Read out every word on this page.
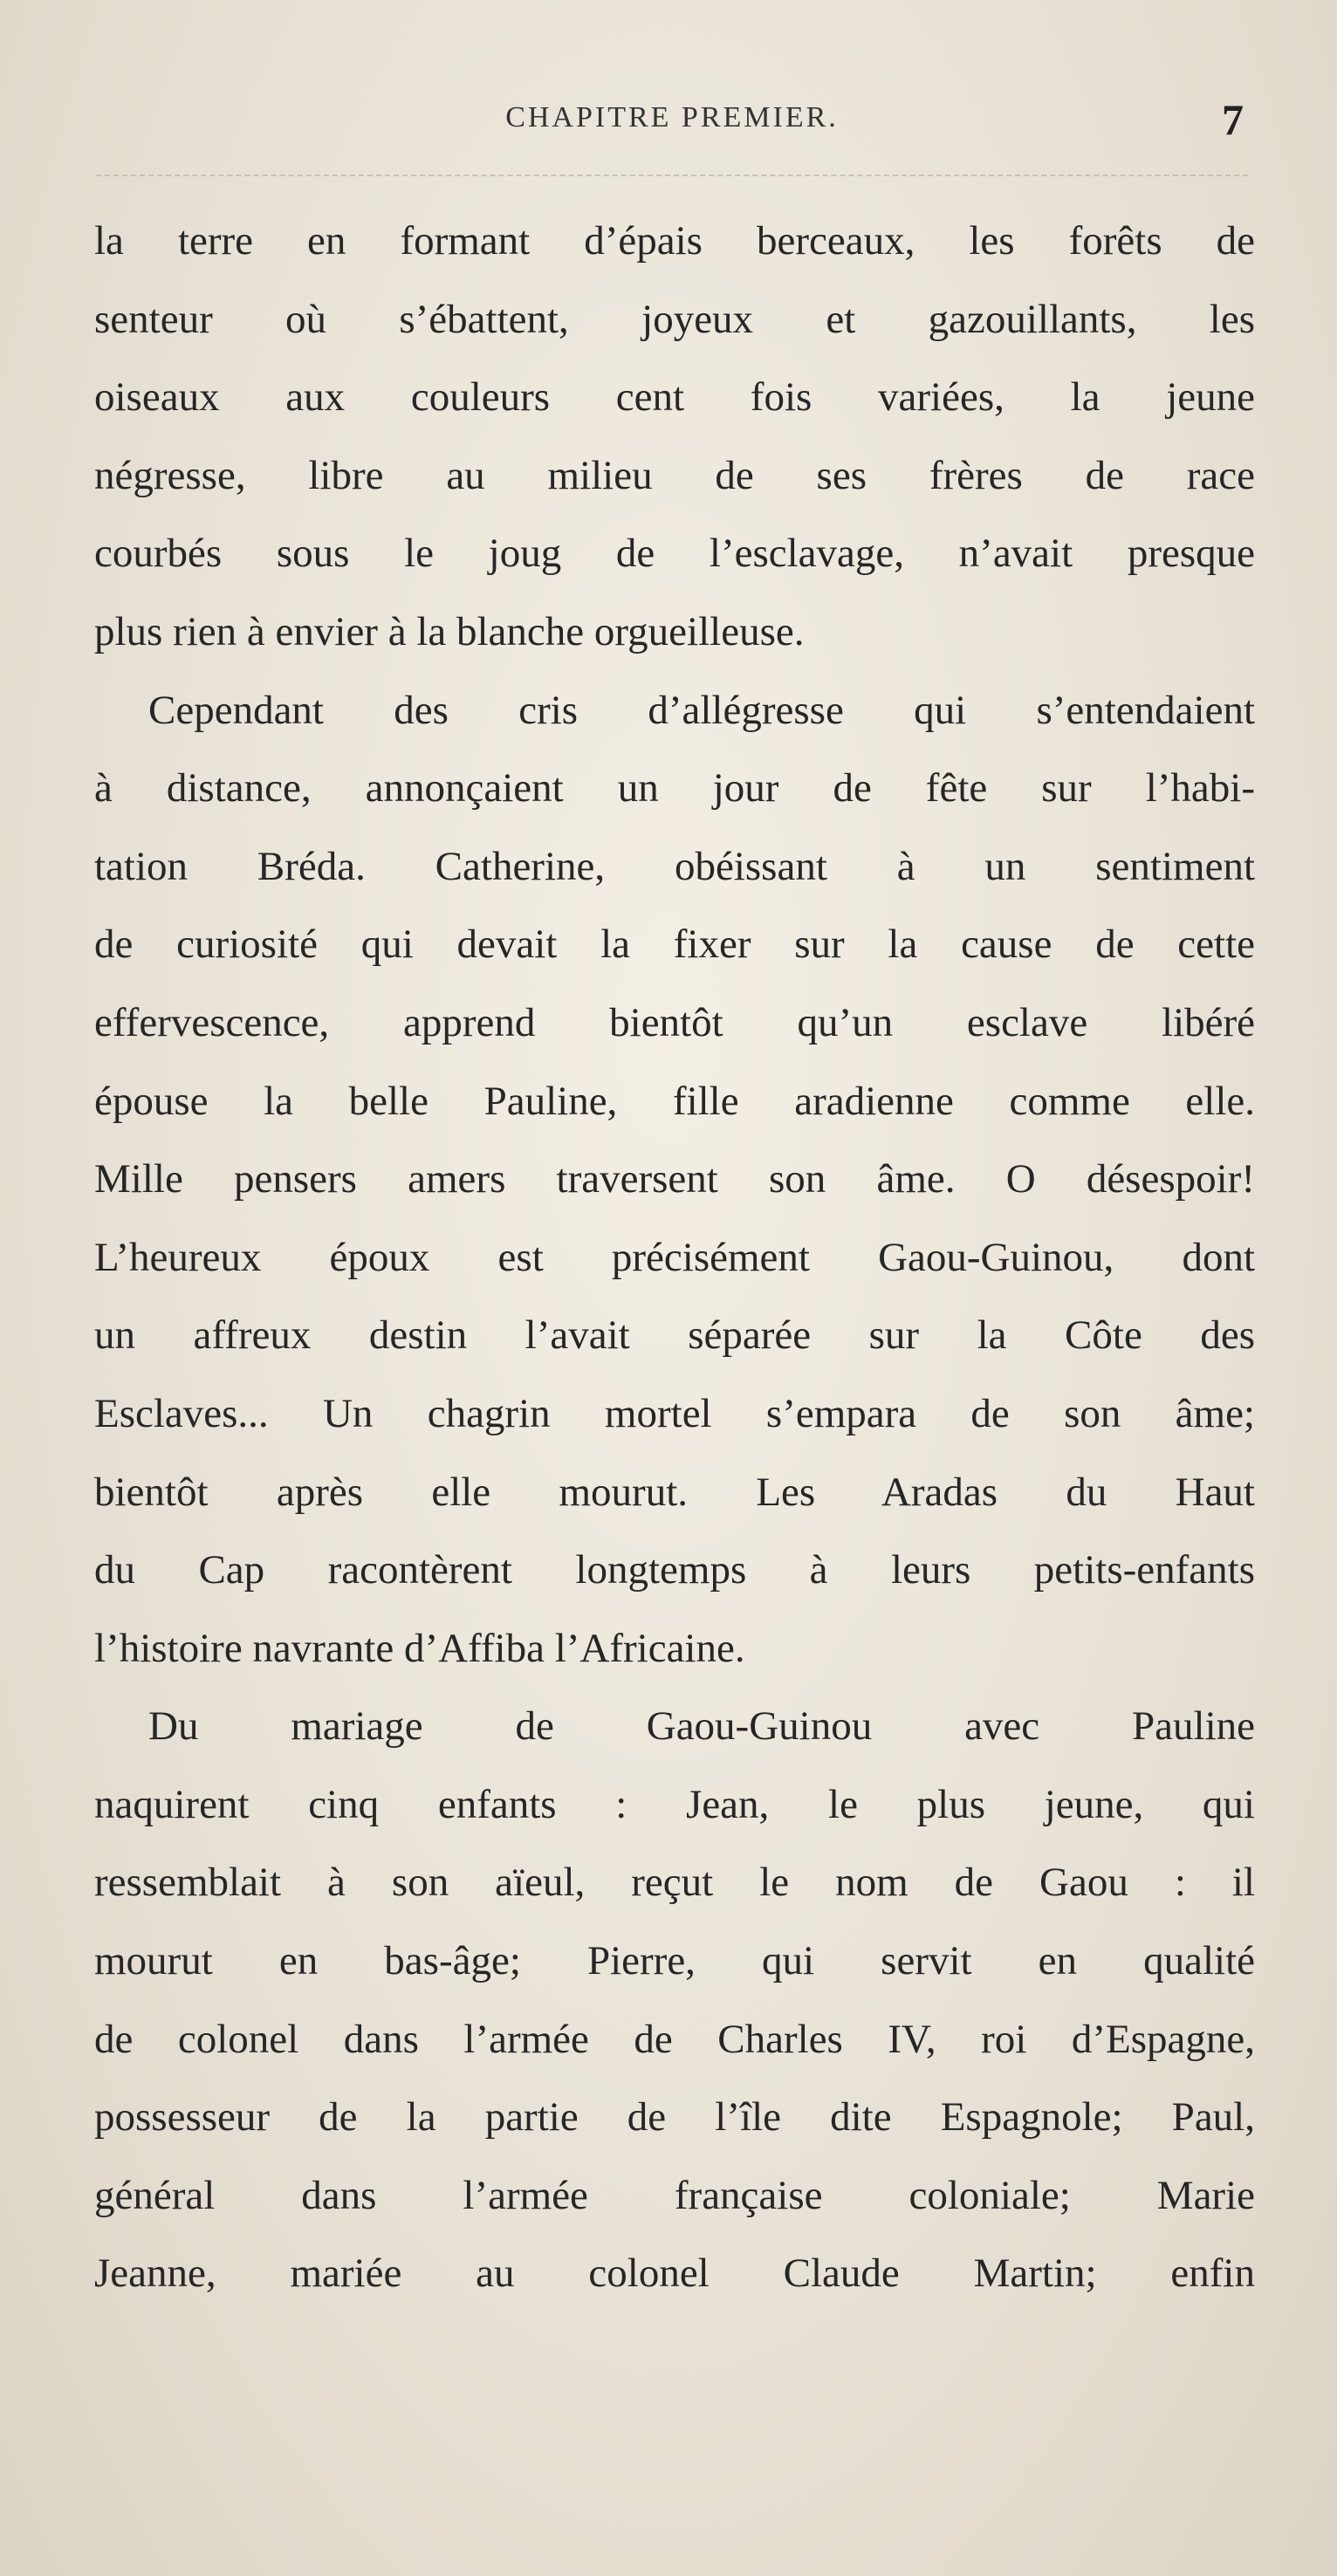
CHAPITRE PREMIER.	7
la terre en formant d’épais berceaux, les forêts de
senteur où s’ébattent, joyeux et gazouillants, les
oiseaux aux couleurs cent fois variées, la jeune
négresse, libre au milieu de ses frères de race
courbés sous le joug de l’esclavage, n’avait presque
plus rien à envier à la blanche orgueilleuse.
Cependant des cris d’allégresse qui s’entendaient
à distance, annonçaient un jour de fête sur l’habi-
tation Bréda. Catherine, obéissant à un sentiment
de curiosité qui devait la fixer sur la cause de cette
effervescence, apprend bientôt qu’un esclave libéré
épouse la belle Pauline, fille aradienne comme elle.
Mille pensers amers traversent son âme. O désespoir!
L’heureux époux est précisément Gaou-Guinou, dont
un affreux destin l’avait séparée sur la Côte des
Esclaves... Un chagrin mortel s’empara de son âme;
bientôt après elle mourut. Les Aradas du Haut
du Cap racontèrent longtemps à leurs petits-enfants
l’histoire navrante d’Affiba l’Africaine.
Du mariage de Gaou-Guinou avec Pauline
naquirent cinq enfants : Jean, le plus jeune, qui
ressemblait à son aïeul, reçut le nom de Gaou : il
mourut en bas-âge; Pierre, qui servit en qualité
de colonel dans l’armée de Charles IV, roi d’Espagne,
possesseur de la partie de l’île dite Espagnole; Paul,
général dans l’armée française coloniale; Marie
Jeanne, mariée au colonel Claude Martin; enfin
